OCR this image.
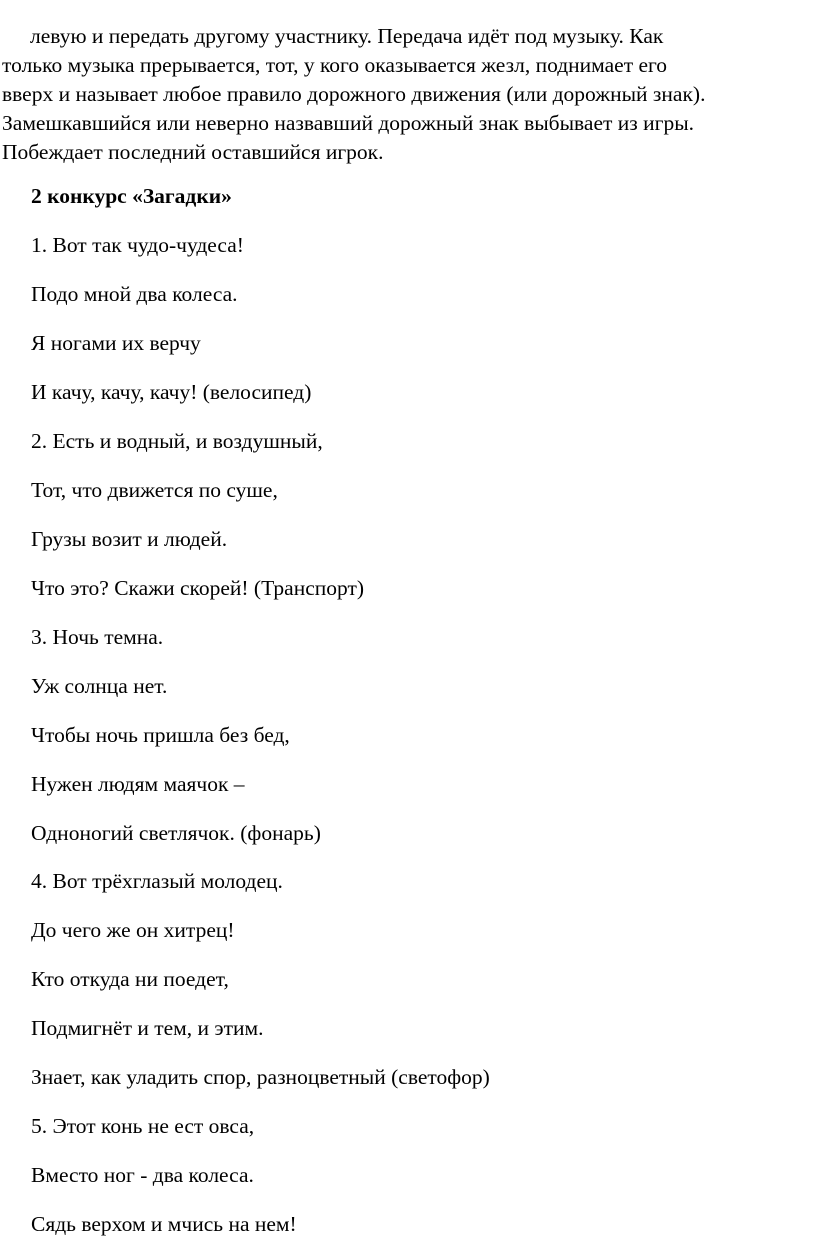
левую и передать другому участнику. Передача идёт под музыку. Как
только музыка прерывается, тот, у кого оказывается жезл, поднимает его
вверх и называет любое правило дорожного движения (или дорожный знак).
Замешкавшийся или неверно назвавший дорожный знак выбывает из игры.
Побеждает последний оставшийся игрок.

2 конкурс «Загадки»

1. Вот так чудо-чудеса!

Подо мной два колеса.

Я ногами их верчу

И качу, качу, качу! (велосипед)

2. Есть и водный, и воздушный,

Тот, что движется по суше,

Грузы возит и людей.

Что это? Скажи скорей! (Транспорт)

3. Ночь темна.

Уж солнца нет.

Чтобы ночь пришла без бед,

Нужен людям маячок –

Одноногий светлячок. (фонарь)

4. Вот трёхглазый молодец.

До чего же он хитрец!

Кто откуда ни поедет,

Подмигнёт и тем, и этим.

Знает, как уладить спор, разноцветный (светофор)

5. Этот конь не ест овса,

Вместо ног - два колеса.

Сядь верхом и мчись на нем!
